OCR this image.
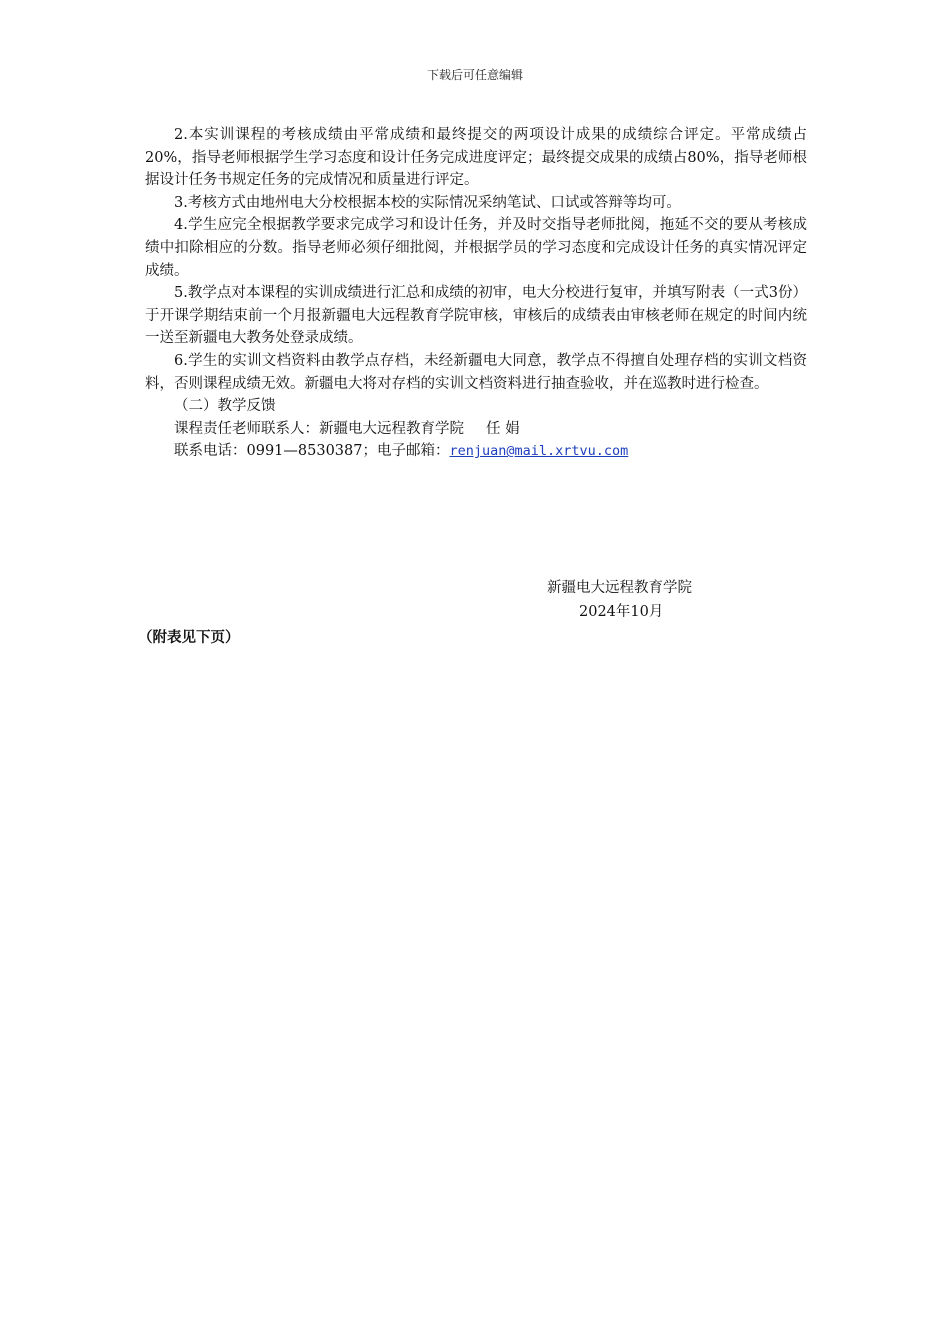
下载后可任意编辑

2.本实训课程的考核成绩由平常成绩和最终提交的两项设计成果的成绩综合评定。平常成绩占20%，指导老师根据学生学习态度和设计任务完成进度评定；最终提交成果的成绩占80%，指导老师根据设计任务书规定任务的完成情况和质量进行评定。

3.考核方式由地州电大分校根据本校的实际情况采纳笔试、口试或答辩等均可。

4.学生应完全根据教学要求完成学习和设计任务，并及时交指导老师批阅，拖延不交的要从考核成绩中扣除相应的分数。指导老师必须仔细批阅，并根据学员的学习态度和完成设计任务的真实情况评定成绩。

5.教学点对本课程的实训成绩进行汇总和成绩的初审，电大分校进行复审，并填写附表（一式3份）于开课学期结束前一个月报新疆电大远程教育学院审核，审核后的成绩表由审核老师在规定的时间内统一送至新疆电大教务处登录成绩。

6.学生的实训文档资料由教学点存档，未经新疆电大同意，教学点不得擅自处理存档的实训文档资料，否则课程成绩无效。新疆电大将对存档的实训文档资料进行抽查验收，并在巡教时进行检查。

（二）教学反馈

课程责任老师联系人：新疆电大远程教育学院 任 娟

联系电话：0991—8530387；电子邮箱：renjuan@mail.xrtvu.com

新疆电大远程教育学院
2024年10月
（附表见下页）
